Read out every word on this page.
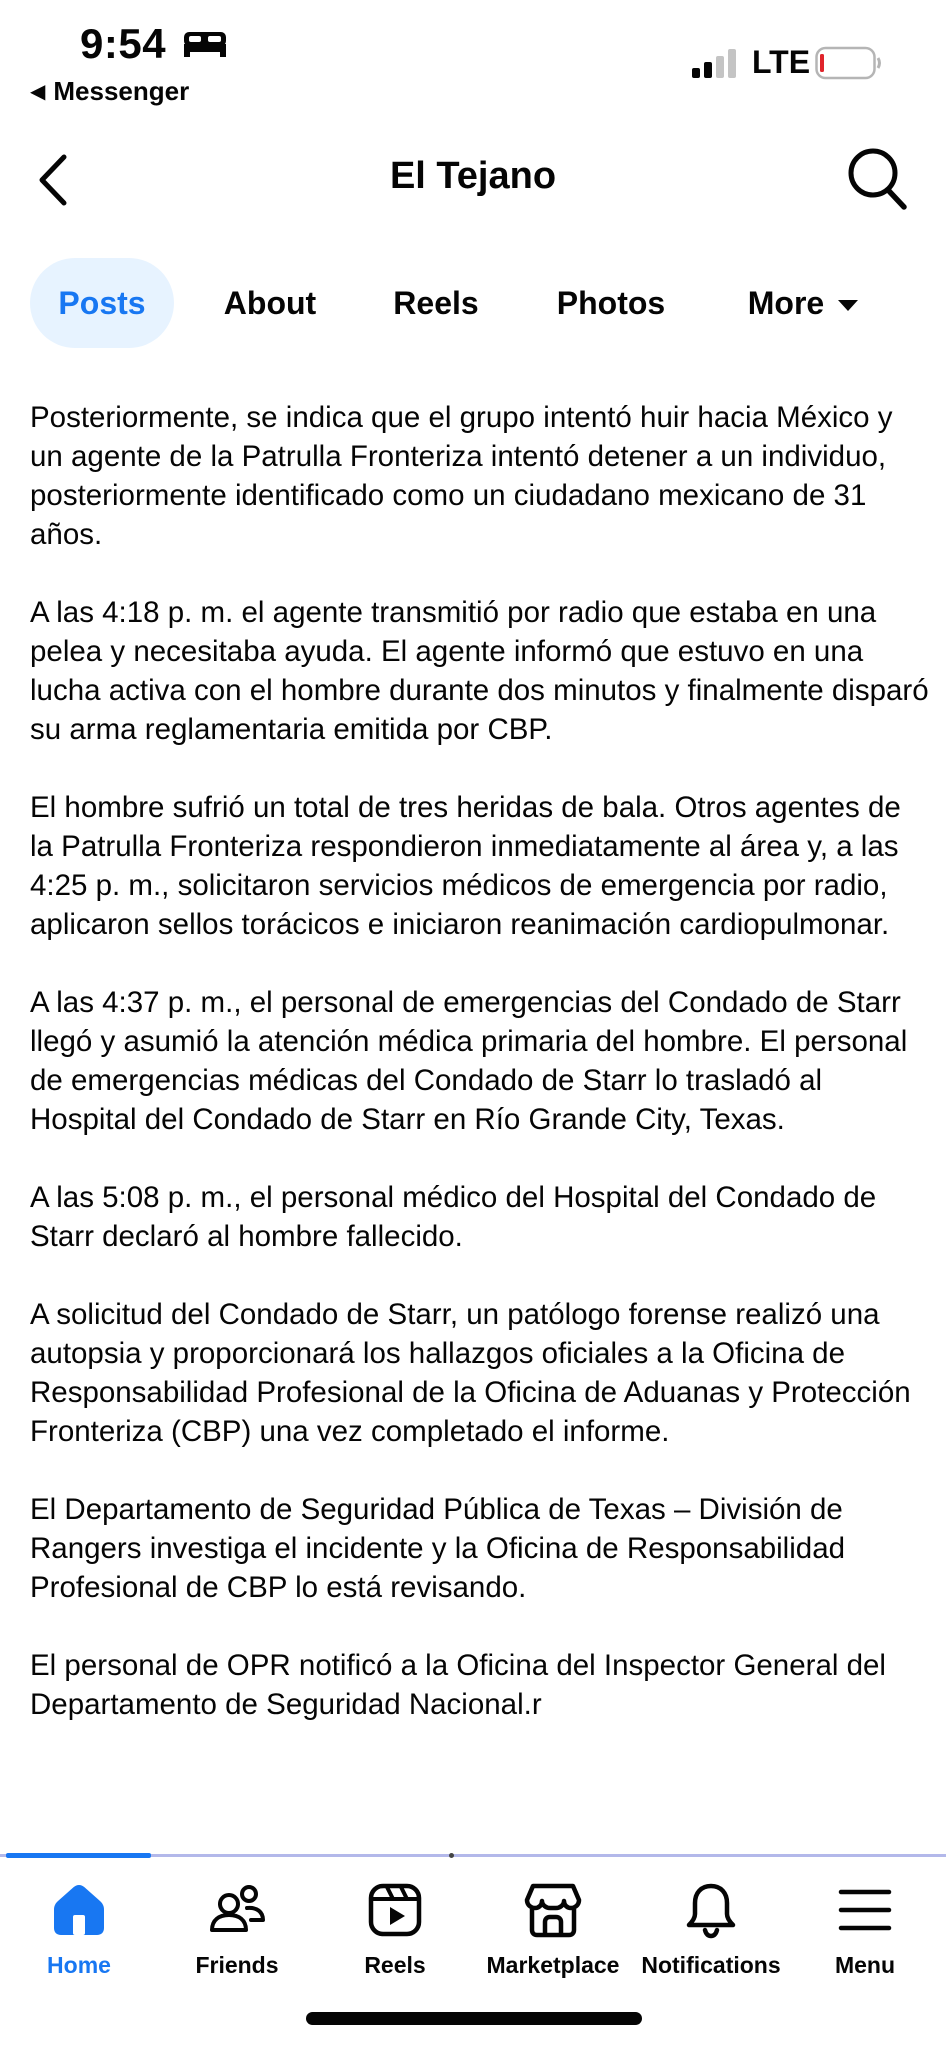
9:54
◀ Messenger
LTE
El Tejano
Posts About Reels Photos	More

Posteriormente, se indica que el grupo intentó huir hacia México y un agente de la Patrulla Fronteriza intentó detener a un individuo, posteriormente identificado como un ciudadano mexicano de 31 años.

A las 4:18 p. m. el agente transmitió por radio que estaba en una pelea y necesitaba ayuda. El agente informó que estuvo en una lucha activa con el hombre durante dos minutos y finalmente disparó su arma reglamentaria emitida por CBP.

El hombre sufrió un total de tres heridas de bala. Otros agentes de la Patrulla Fronteriza respondieron inmediatamente al área y, a las 4:25 p. m., solicitaron servicios médicos de emergencia por radio, aplicaron sellos torácicos e iniciaron reanimación cardiopulmonar.

A las 4:37 p. m., el personal de emergencias del Condado de Starr llegó y asumió la atención médica primaria del hombre. El personal de emergencias médicas del Condado de Starr lo trasladó al Hospital del Condado de Starr en Río Grande City, Texas.

A las 5:08 p. m., el personal médico del Hospital del Condado de Starr declaró al hombre fallecido.

A solicitud del Condado de Starr, un patólogo forense realizó una autopsia y proporcionará los hallazgos oficiales a la Oficina de Responsabilidad Profesional de la Oficina de Aduanas y Protección Fronteriza (CBP) una vez completado el informe.

El Departamento de Seguridad Pública de Texas – División de Rangers investiga el incidente y la Oficina de Responsabilidad Profesional de CBP lo está revisando.

El personal de OPR notificó a la Oficina del Inspector General del Departamento de Seguridad Nacional.r

Home	Friends	Reels	Marketplace Notifications Menu
